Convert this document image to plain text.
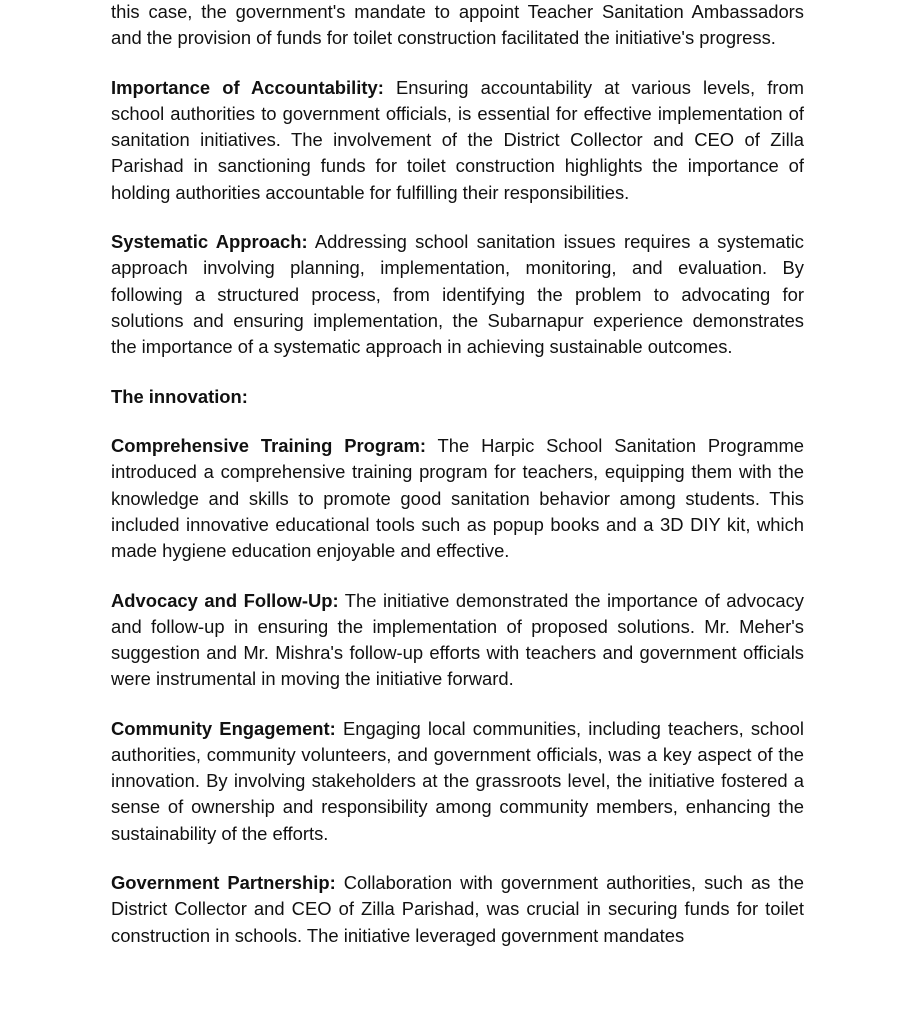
this case, the government's mandate to appoint Teacher Sanitation Ambassadors and the provision of funds for toilet construction facilitated the initiative's progress.

Importance of Accountability: Ensuring accountability at various levels, from school authorities to government officials, is essential for effective implementation of sanitation initiatives. The involvement of the District Collector and CEO of Zilla Parishad in sanctioning funds for toilet construction highlights the importance of holding authorities accountable for fulfilling their responsibilities.

Systematic Approach: Addressing school sanitation issues requires a systematic approach involving planning, implementation, monitoring, and evaluation. By following a structured process, from identifying the problem to advocating for solutions and ensuring implementation, the Subarnapur experience demonstrates the importance of a systematic approach in achieving sustainable outcomes.

The innovation:

Comprehensive Training Program: The Harpic School Sanitation Programme introduced a comprehensive training program for teachers, equipping them with the knowledge and skills to promote good sanitation behavior among students. This included innovative educational tools such as popup books and a 3D DIY kit, which made hygiene education enjoyable and effective.

Advocacy and Follow-Up: The initiative demonstrated the importance of advocacy and follow-up in ensuring the implementation of proposed solutions. Mr. Meher's suggestion and Mr. Mishra's follow-up efforts with teachers and government officials were instrumental in moving the initiative forward.

Community Engagement: Engaging local communities, including teachers, school authorities, community volunteers, and government officials, was a key aspect of the innovation. By involving stakeholders at the grassroots level, the initiative fostered a sense of ownership and responsibility among community members, enhancing the sustainability of the efforts.

Government Partnership: Collaboration with government authorities, such as the District Collector and CEO of Zilla Parishad, was crucial in securing funds for toilet construction in schools. The initiative leveraged government mandates
